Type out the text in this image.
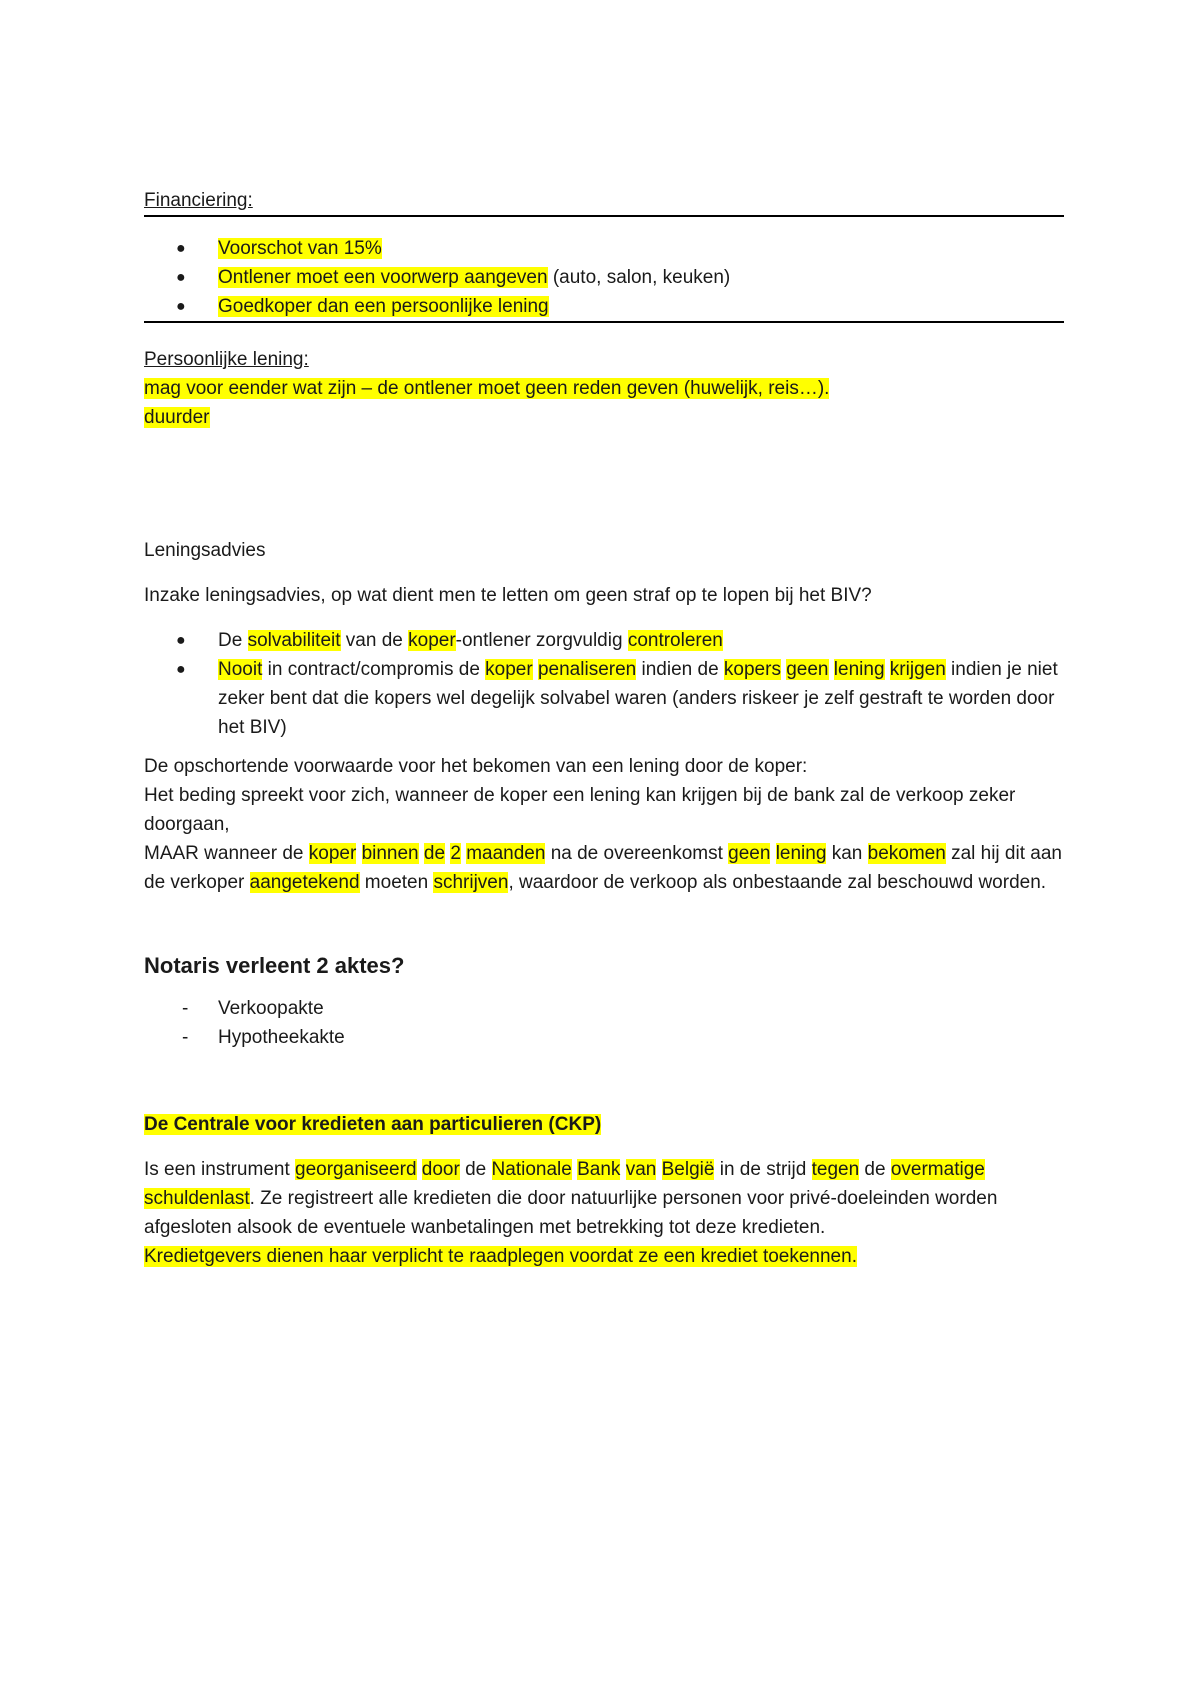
Financiering:
● Voorschot van 15%
● Ontlener moet een voorwerp aangeven (auto, salon, keuken)
● Goedkoper dan een persoonlijke lening

Persoonlijke lening:

mag voor eender wat zijn – de ontlener moet geen reden geven (huwelijk, reis…).

duurder

Leningsadvies

Inzake leningsadvies, op wat dient men te letten om geen straf op te lopen bij het BIV?

● De solvabiliteit van de koper-ontlener zorgvuldig controleren
● Nooit in contract/compromis de koper penaliseren indien de kopers geen lening krijgen indien je niet zeker bent dat die kopers wel degelijk solvabel waren (anders riskeer je zelf gestraft te worden door het BIV)

De opschortende voorwaarde voor het bekomen van een lening door de koper:

Het beding spreekt voor zich, wanneer de koper een lening kan krijgen bij de bank zal de verkoop zeker doorgaan,

MAAR wanneer de koper binnen de 2 maanden na de overeenkomst geen lening kan bekomen zal hij dit aan de verkoper aangetekend moeten schrijven, waardoor de verkoop als onbestaande zal beschouwd worden.

Notaris verleent 2 aktes?

- Verkoopakte
- Hypotheekakte

De Centrale voor kredieten aan particulieren (CKP)

Is een instrument georganiseerd door de Nationale Bank van België in de strijd tegen de overmatige schuldenlast. Ze registreert alle kredieten die door natuurlijke personen voor privé-doeleinden worden afgesloten alsook de eventuele wanbetalingen met betrekking tot deze kredieten.

Kredietgevers dienen haar verplicht te raadplegen voordat ze een krediet toekennen.
